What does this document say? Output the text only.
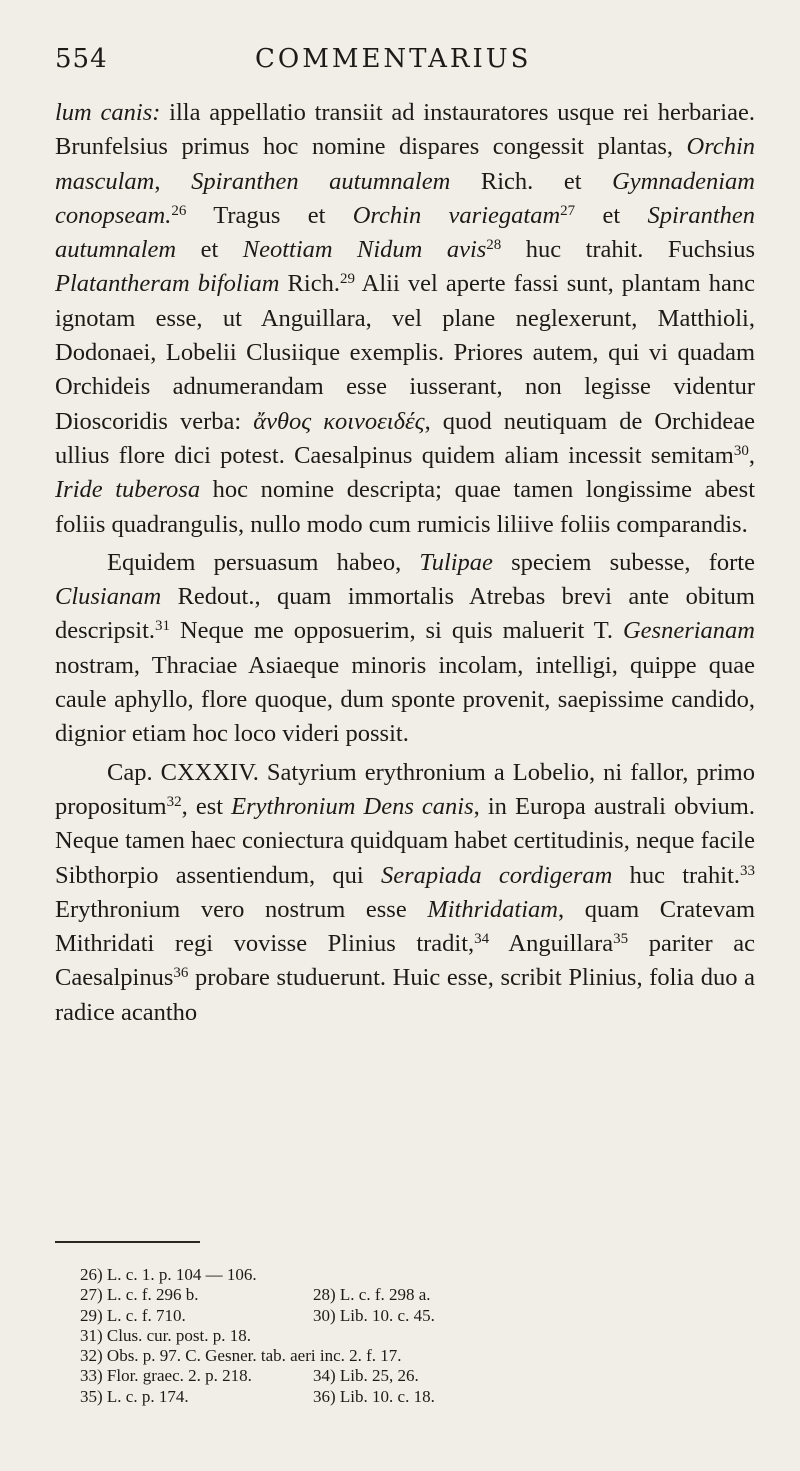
554	COMMENTARIUS

lum canis: illa appellatio transiit ad instauratores usque rei herbariae. Brunfelsius primus hoc nomine dispares congessit plantas, Orchin masculam, Spiranthen autumnalem Rich. et Gymnadeniam conopseam.$^{26}$ Tragus et Orchin variegatam$^{27}$ et Spiranthen autumnalem et Neottiam Nidum avis$^{28}$ huc trahit. Fuchsius Platantheram bifoliam Rich.$^{29}$ Alii vel aperte fassi sunt, plantam hanc ignotam esse, ut Anguillara, vel plane neglexerunt, Matthioli, Dodonaei, Lobelii Clusiique exemplis. Priores autem, qui vi quadam Orchideis adnumerandam esse iusserant, non legisse videntur Dioscoridis verba: ἄνθος κοινοειδές, quod neutiquam de Orchideae ullius flore dici potest. Caesalpinus quidem aliam incessit semitam$^{30}$, Iride tuberosa hoc nomine descripta; quae tamen longissime abest foliis quadrangulis, nullo modo cum rumicis liliive foliis comparandis.

Equidem persuasum habeo, Tulipae speciem subesse, forte Clusianam Redout., quam immortalis Atrebas brevi ante obitum descripsit.$^{31}$ Neque me opposuerim, si quis maluerit T. Gesnerianam nostram, Thraciae Asiaeque minoris incolam, intelligi, quippe quae caule aphyllo, flore quoque, dum sponte provenit, saepissime candido, dignior etiam hoc loco videri possit.

Cap. CXXXIV. Satyrium erythronium a Lobelio, ni fallor, primo propositum$^{32}$, est Erythronium Dens canis, in Europa australi obvium. Neque tamen haec coniectura quidquam habet certitudinis, neque facile Sibthorpio assentiendum, qui Serapiada cordigeram huc trahit.$^{33}$ Erythronium vero nostrum esse Mithridatiam, quam Cratevam Mithridati regi vovisse Plinius tradit,$^{34}$ Anguillara$^{35}$ pariter ac Caesalpinus$^{36}$ probare studuerunt. Huic esse, scribit Plinius, folia duo a radice acantho

26) L. c. 1. p. 104 — 106.
27) L. c. f. 296 b.	28) L. c. f. 298 a.
29) L. c. f. 710.	30) Lib. 10. c. 45.
31) Clus. cur. post. p. 18.
32) Obs. p. 97. C. Gesner. tab. aeri inc. 2. f. 17.
33) Flor. graec. 2. p. 218.	34) Lib. 25, 26.
35) L. c. p. 174.	36) Lib. 10. c. 18.
